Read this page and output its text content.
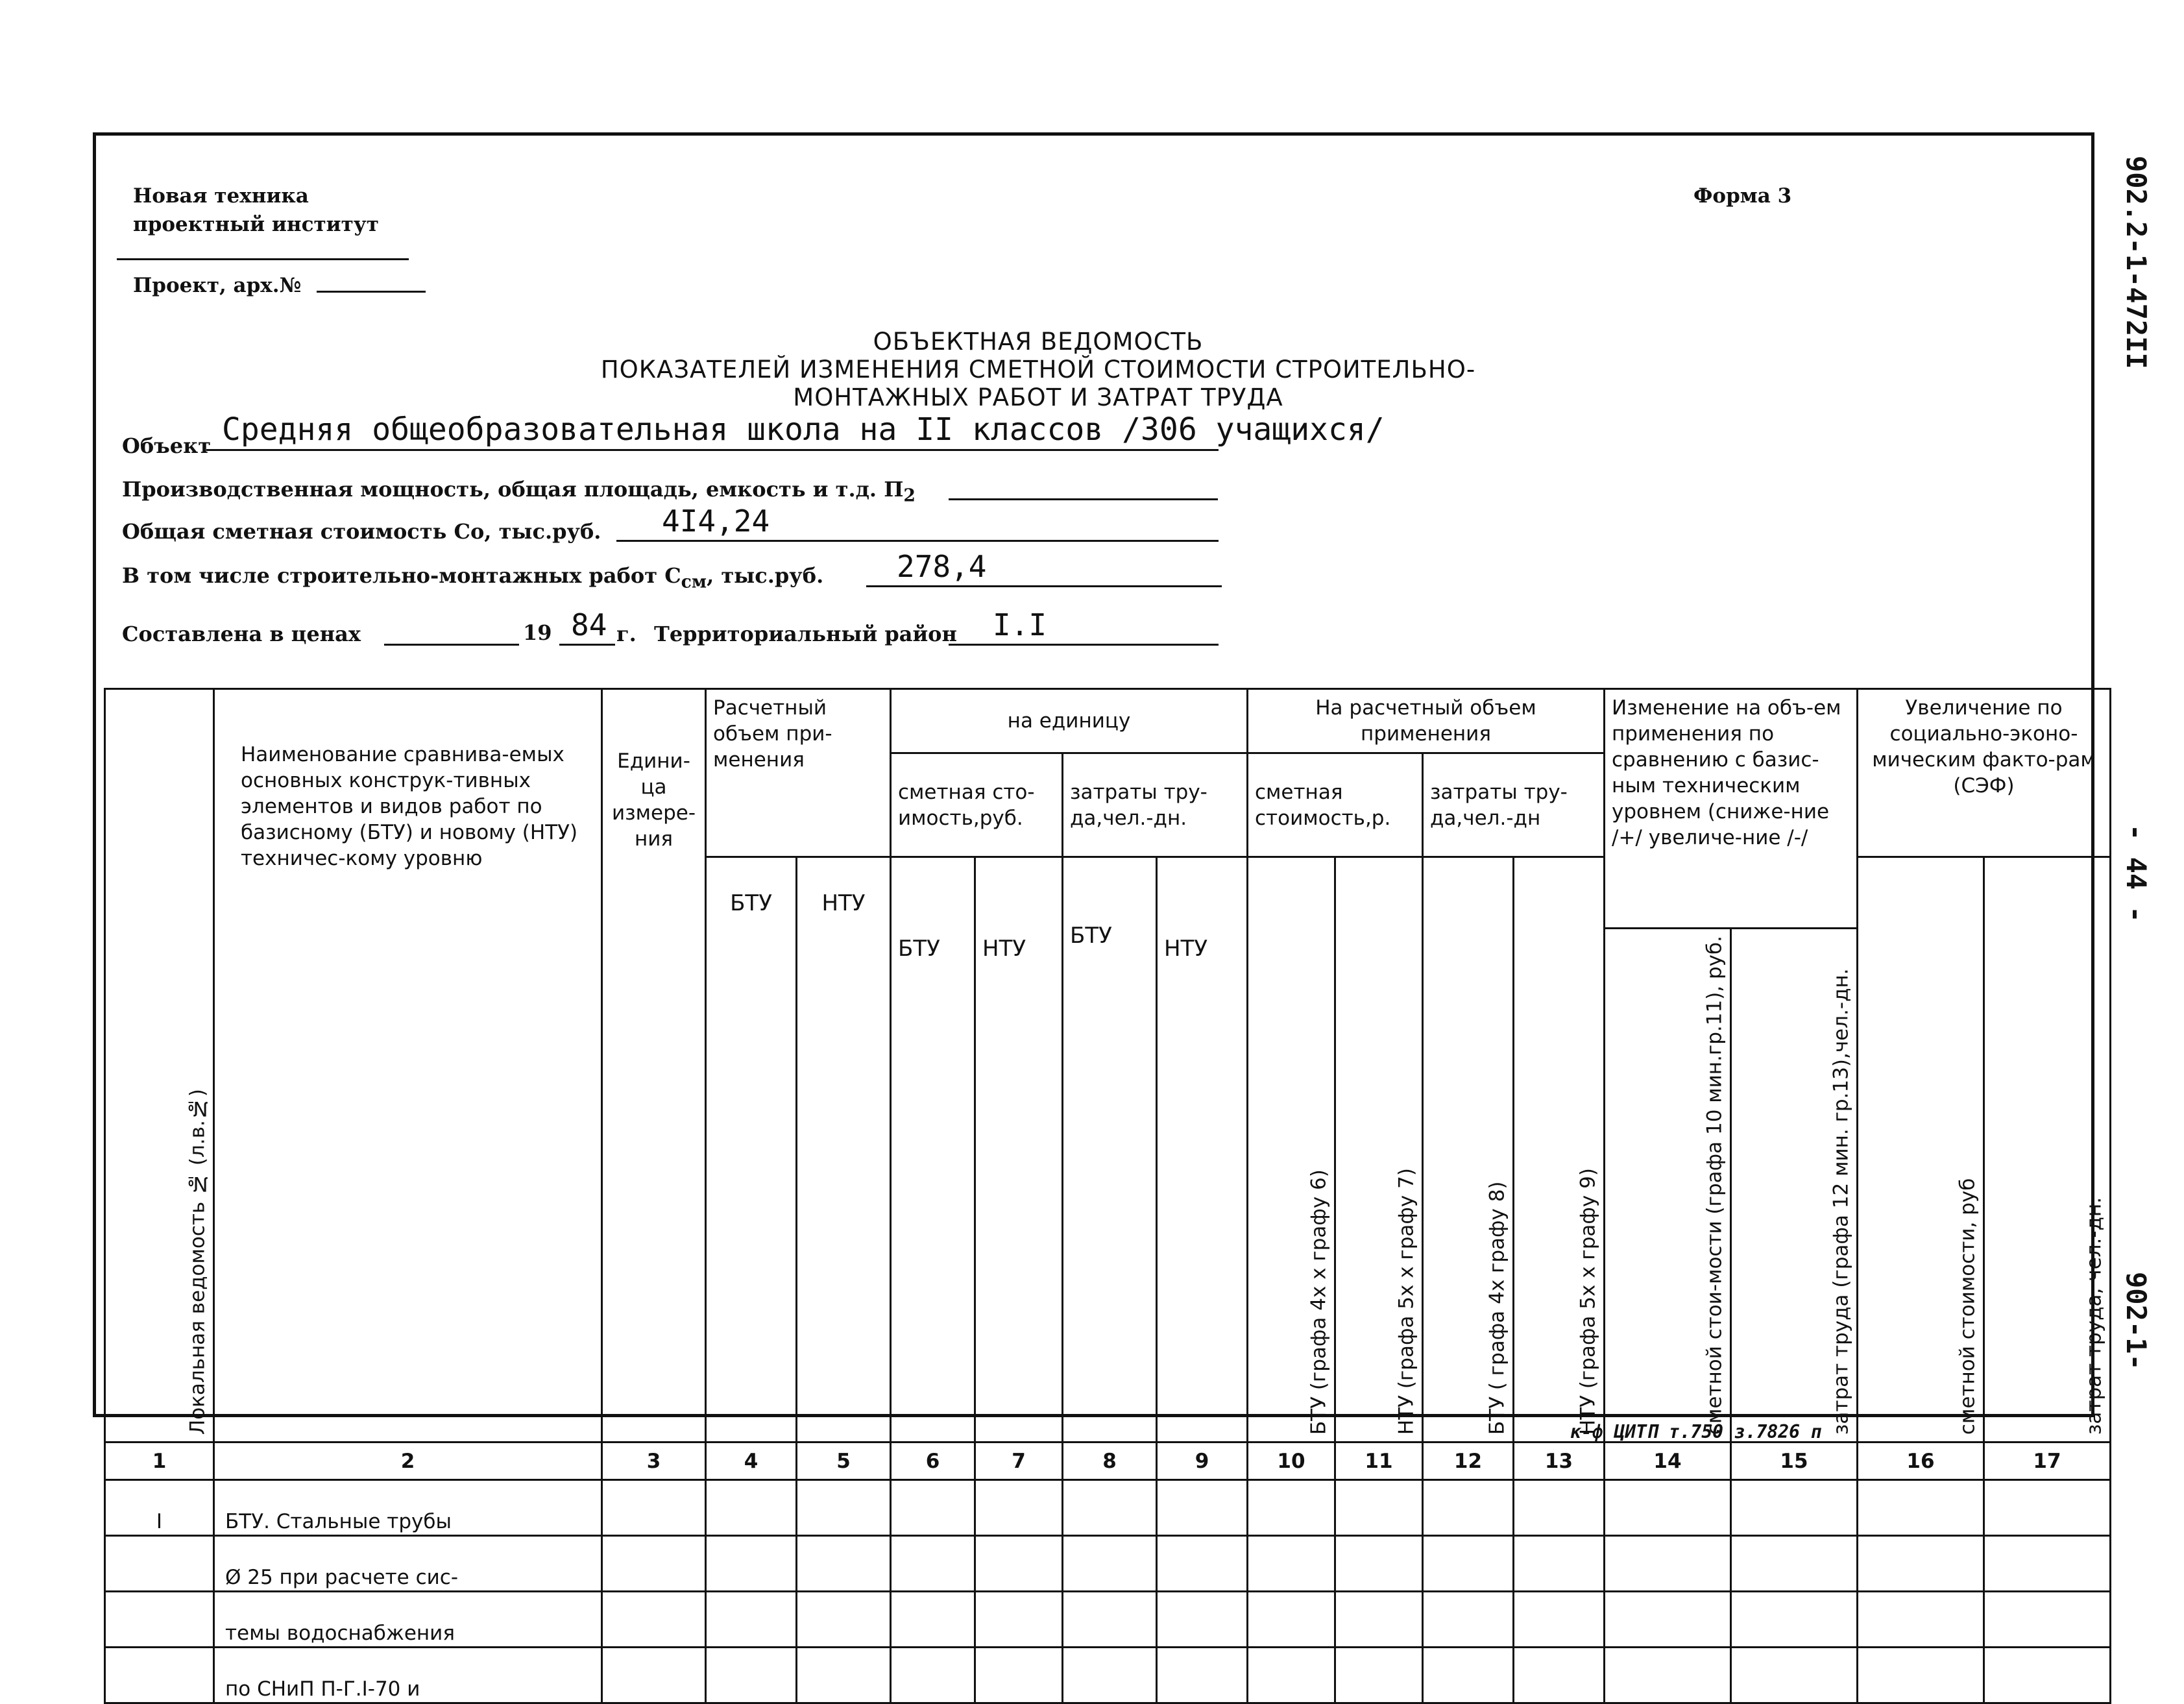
Новая техника
проектный институт
Проект, арх.№
Форма 3
ОБЪЕКТНАЯ ВЕДОМОСТЬ
ПОКАЗАТЕЛЕЙ ИЗМЕНЕНИЯ СМЕТНОЙ СТОИМОСТИ СТРОИТЕЛЬНО-
МОНТАЖНЫХ РАБОТ И ЗАТРАТ ТРУДА
Объект Средняя общеобразовательная школа на II классов /306 учащихся/
Производственная мощность, общая площадь, емкость и т.д. $П_2$
Общая сметная стоимость Со, тыс.руб. 4I4,24
В том числе строительно-монтажных работ $С_{см}$, тыс.руб. 278,4
Составлена в ценах	19 84 г. Территориальный район I.I
Локальная ведомость № (л.в.№)	Наименование сравнива-емых основных конструк-тивных элементов и видов работ по базисному (БТУ) и новому (НТУ) техничес-кому уровню	Едини-ца измере-ния	Расчетный объем при-менения		на единицу				На расчетный объем применения				Изменение на объ-ем применения по сравнению с базис-ным техническим уровнем (сниже-ние /+/ увеличе-ние /-/		Увеличение по социально-эконо-мическим факто-рам (СЭФ)	
					сметная сто-имость,руб.		затраты тру-да,чел.-дн.		сметная стоимость,р.		затраты тру-да,чел.-дн					
			БТУ	НТУ	БТУ	НТУ	БТУ	НТУ	БТУ (графа 4х х графу 6)	НТУ (графа 5х х графу 7)	БТУ ( графа 4х графу 8)	НТУ (графа 5х х графу 9)			сметной стоимости, руб	затрат труда, чел.-дн.
													сметной стои-мости (графа 10 мин.гр.11), руб.	затрат труда (графа 12 мин. гр.13),чел.-дн.		
1	2	3	4	5	6	7	8	9	10	11	12	13	14	15	16	17
I	БТУ. Стальные трубы															
	Ø 25 при расчете сис-															
	темы водоснабжения															
	по СНиП П-Г.I-70 и															
к-ф ЦИТП т.750 з.7826 п
902.2-1-472II
- 44 -
902-1-
